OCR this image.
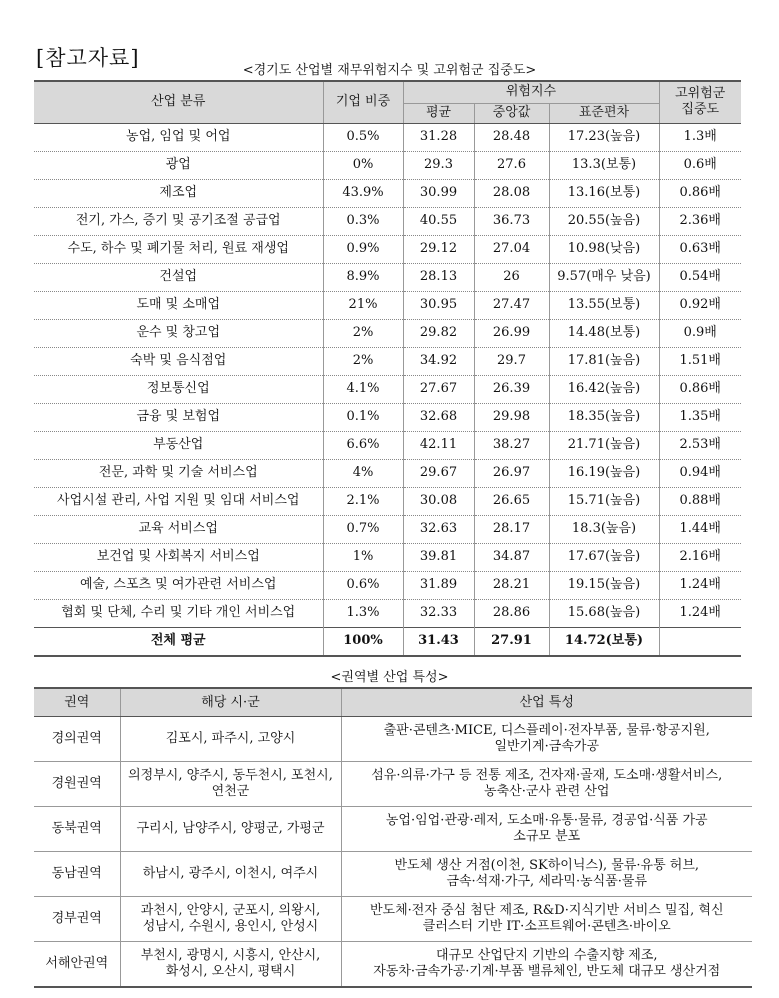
[참고자료]
<경기도 산업별 재무위험지수 및 고위험군 집중도>
산업 분류	기업 비중	위험지수			고위험군
집중도

		평균	중앙값	표준편차	
농업, 임업 및 어업	0.5%	31.28	28.48	17.23(높음)	1.3배
광업	0%	29.3	27.6	13.3(보통)	0.6배
제조업	43.9%	30.99	28.08	13.16(보통)	0.86배
전기, 가스, 증기 및 공기조절 공급업	0.3%	40.55	36.73	20.55(높음)	2.36배
수도, 하수 및 폐기물 처리, 원료 재생업	0.9%	29.12	27.04	10.98(낮음)	0.63배
건설업	8.9%	28.13	26	9.57(매우 낮음)	0.54배
도매 및 소매업	21%	30.95	27.47	13.55(보통)	0.92배
운수 및 창고업	2%	29.82	26.99	14.48(보통)	0.9배
숙박 및 음식점업	2%	34.92	29.7	17.81(높음)	1.51배
정보통신업	4.1%	27.67	26.39	16.42(높음)	0.86배
금융 및 보험업	0.1%	32.68	29.98	18.35(높음)	1.35배
부동산업	6.6%	42.11	38.27	21.71(높음)	2.53배
전문, 과학 및 기술 서비스업	4%	29.67	26.97	16.19(높음)	0.94배
사업시설 관리, 사업 지원 및 임대 서비스업	2.1%	30.08	26.65	15.71(높음)	0.88배
교육 서비스업	0.7%	32.63	28.17	18.3(높음)	1.44배
보건업 및 사회복지 서비스업	1%	39.81	34.87	17.67(높음)	2.16배
예술, 스포츠 및 여가관련 서비스업	0.6%	31.89	28.21	19.15(높음)	1.24배
협회 및 단체, 수리 및 기타 개인 서비스업	1.3%	32.33	28.86	15.68(높음)	1.24배
전체 평균	100%	31.43	27.91	14.72(보통)	
<권역별 산업 특성>
권역	해당 시·군	산업 특성
경의권역	김포시, 파주시, 고양시	출판·콘텐츠·MICE, 디스플레이·전자부품, 물류·항공지원,
일반기계·금속가공

경원권역	의정부시, 양주시, 동두천시, 포천시,
연천군	섬유·의류·가구 등 전통 제조, 건자재·골재, 도소매·생활서비스,
농축산·군사 관련 산업

동북권역	구리시, 남양주시, 양평군, 가평군	농업·임업·관광·레저, 도소매·유통·물류, 경공업·식품 가공
소규모 분포

동남권역	하남시, 광주시, 이천시, 여주시	반도체 생산 거점(이천, SK하이닉스), 물류·유통 허브,
금속·석재·가구, 세라믹·농식품·물류

경부권역	과천시, 안양시, 군포시, 의왕시,
성남시, 수원시, 용인시, 안성시	반도체·전자 중심 첨단 제조, R&D·지식기반 서비스 밀집, 혁신
클러스터 기반 IT·소프트웨어·콘텐츠·바이오

서해안권역	부천시, 광명시, 시흥시, 안산시,
화성시, 오산시, 평택시	대규모 산업단지 기반의 수출지향 제조,
자동차·금속가공·기계·부품 밸류체인, 반도체 대규모 생산거점
